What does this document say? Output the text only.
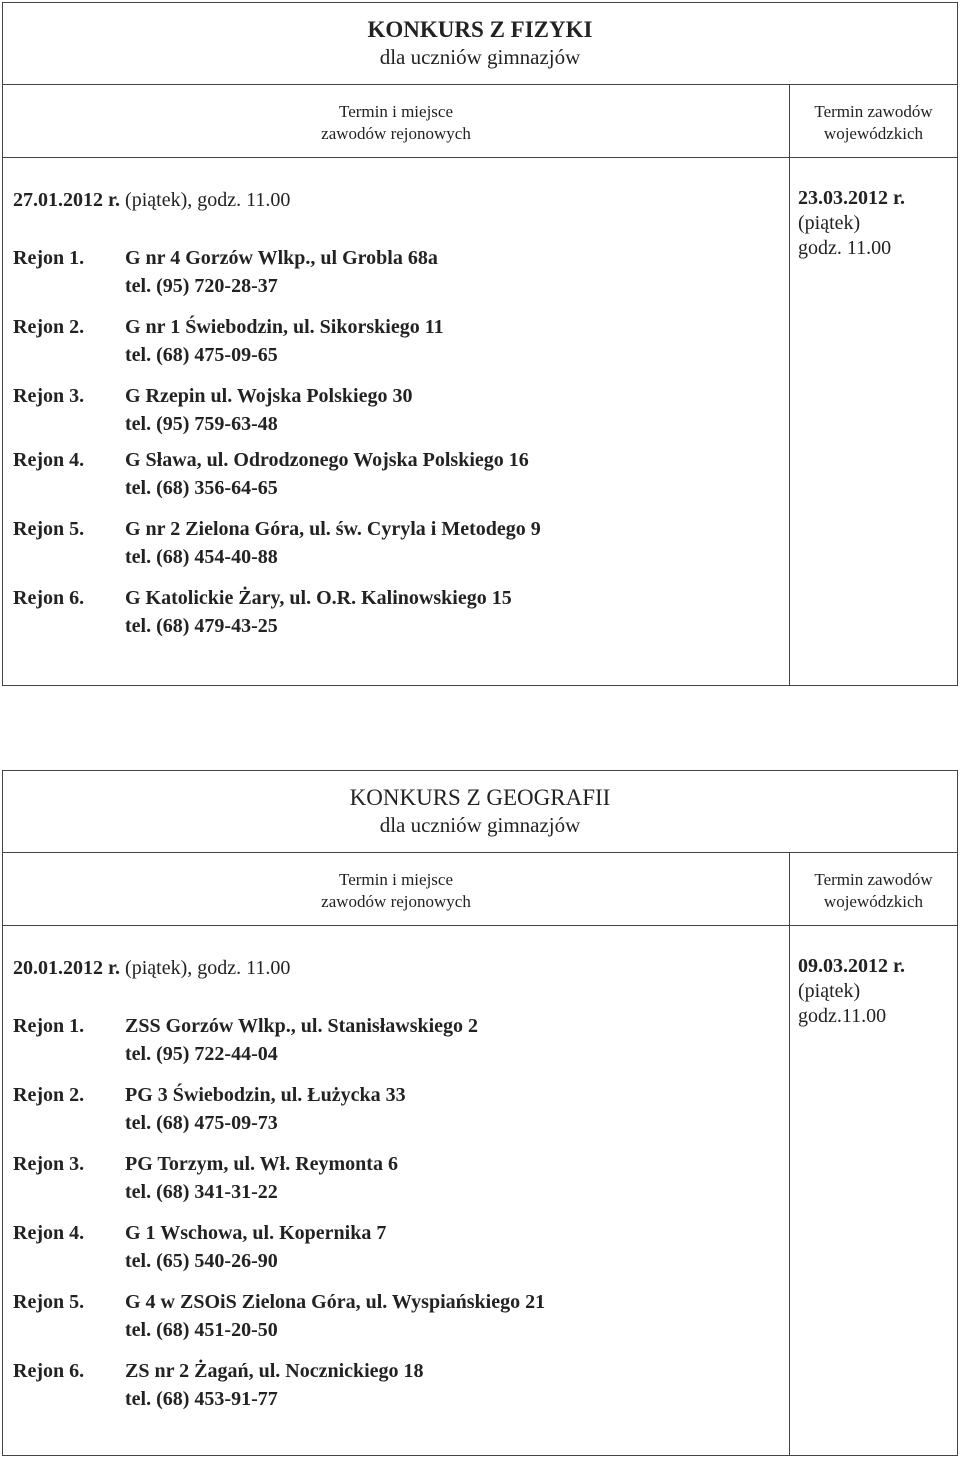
KONKURS Z FIZYKI
dla uczniów gimnazjów
Termin i miejsce
zawodów rejonowych
Termin zawodów
wojewódzkich
27.01.2012 r. (piątek), godz. 11.00
Rejon 1.	G nr 4 Gorzów Wlkp., ul Grobla 68a
tel. (95) 720-28-37
Rejon 2.	G nr 1 Świebodzin, ul. Sikorskiego 11
tel. (68) 475-09-65
Rejon 3.	G Rzepin ul. Wojska Polskiego 30
tel. (95) 759-63-48
Rejon 4.	G Sława, ul. Odrodzonego Wojska Polskiego 16
tel. (68) 356-64-65
Rejon 5.	G nr 2 Zielona Góra, ul. św. Cyryla i Metodego 9
tel. (68) 454-40-88
Rejon 6.	G Katolickie Żary, ul. O.R. Kalinowskiego 15
tel. (68) 479-43-25
23.03.2012 r.
(piątek)
godz. 11.00
KONKURS Z GEOGRAFII
dla uczniów gimnazjów
Termin i miejsce
zawodów rejonowych
Termin zawodów
wojewódzkich
20.01.2012 r. (piątek), godz. 11.00
Rejon 1.	ZSS Gorzów Wlkp., ul. Stanisławskiego 2
tel. (95) 722-44-04
Rejon 2.	PG 3 Świebodzin, ul. Łużycka 33
tel. (68) 475-09-73
Rejon 3.	PG Torzym, ul. Wł. Reymonta 6
tel. (68) 341-31-22
Rejon 4.	G 1 Wschowa, ul. Kopernika 7
tel. (65) 540-26-90
Rejon 5.	G 4 w ZSOiS Zielona Góra, ul. Wyspiańskiego 21
tel. (68) 451-20-50
Rejon 6.	ZS nr 2 Żagań, ul. Nocznickiego 18
tel. (68) 453-91-77
09.03.2012 r.
(piątek)
godz.11.00
